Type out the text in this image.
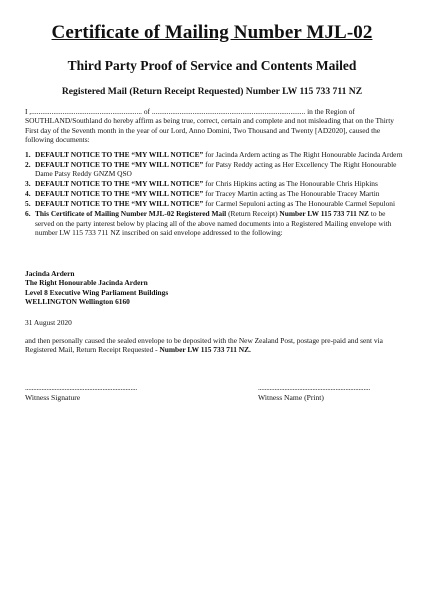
Certificate of Mailing Number MJL-02
Third Party Proof of Service and Contents Mailed
Registered Mail (Return Receipt Requested) Number LW 115 733 711 NZ
I ,............................................................ of ................................................................................... in the Region of SOUTHLAND/Southland do hereby affirm as being true, correct, certain and complete and not misleading that on the Thirty First day of the Seventh month in the year of our Lord, Anno Domini, Two Thousand and Twenty [AD2020], caused the following documents:
1. DEFAULT NOTICE TO THE “MY WILL NOTICE” for Jacinda Ardern acting as The Right Honourable Jacinda Ardern
2. DEFAULT NOTICE TO THE “MY WILL NOTICE” for Patsy Reddy acting as Her Excellency The Right Honourable Dame Patsy Reddy GNZM QSO
3. DEFAULT NOTICE TO THE “MY WILL NOTICE” for Chris Hipkins acting as The Honourable Chris Hipkins
4. DEFAULT NOTICE TO THE “MY WILL NOTICE” for Tracey Martin acting as The Honourable Tracey Martin
5. DEFAULT NOTICE TO THE “MY WILL NOTICE” for Carmel Sepuloni acting as The Honourable Carmel Sepuloni
6. This Certificate of Mailing Number MJL-02 Registered Mail (Return Receipt) Number LW 115 733 711 NZ to be served on the party interest below by placing all of the above named documents into a Registered Mailing envelope with number LW 115 733 711 NZ inscribed on said envelope addressed to the following:
Jacinda Ardern
The Right Honourable Jacinda Ardern
Level 8 Executive Wing Parliament Buildings
WELLINGTON Wellington 6160
31 August 2020
and then personally caused the sealed envelope to be deposited with the New Zealand Post, postage pre-paid and sent via Registered Mail, Return Receipt Requested - Number LW 115 733 711 NZ.
....................................................................
Witness Signature
....................................................................
Witness Name (Print)
